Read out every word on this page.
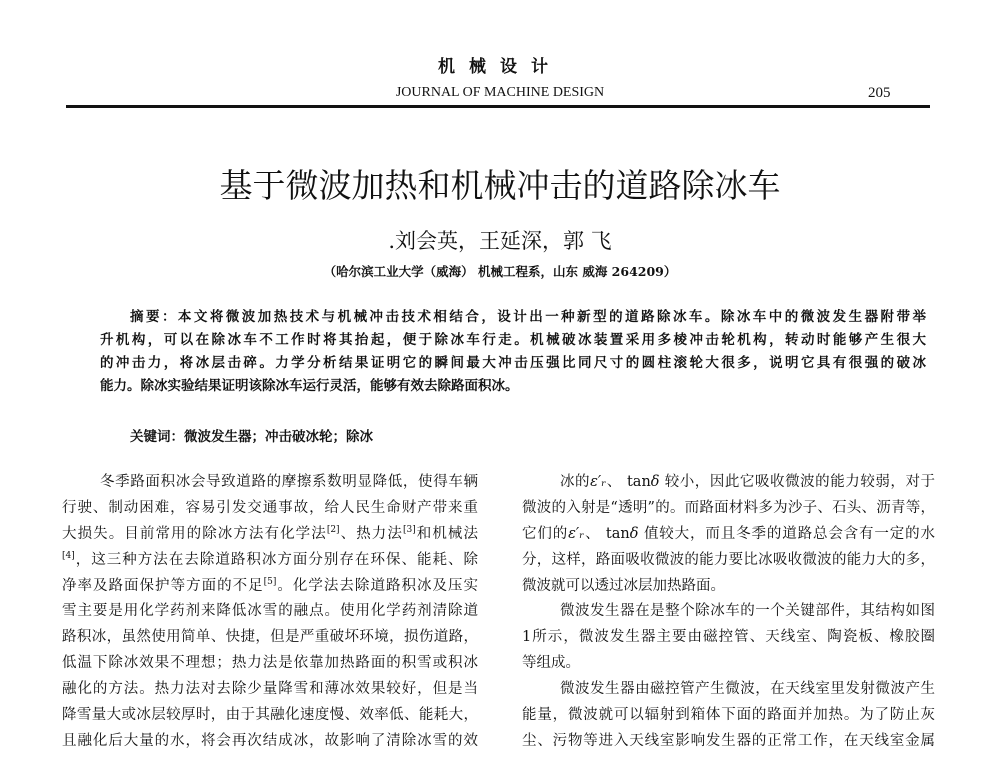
机械设计
JOURNAL OF MACHINE DESIGN	205
基于微波加热和机械冲击的道路除冰车
.刘会英，王延深，郭 飞
（哈尔滨工业大学（威海） 机械工程系，山东 威海 264209）
摘要：本文将微波加热技术与机械冲击技术相结合，设计出一种新型的道路除冰车。除冰车中的微波发生器附带举
升机构，可以在除冰车不工作时将其抬起，便于除冰车行走。机械破冰装置采用多棱冲击轮机构，转动时能够产生很大
的冲击力，将冰层击碎。力学分析结果证明它的瞬间最大冲击压强比同尺寸的圆柱滚轮大很多，说明它具有很强的破冰
能力。除冰实验结果证明该除冰车运行灵活，能够有效去除路面积冰。
关键词：微波发生器；冲击破冰轮；除冰
冬季路面积冰会导致道路的摩擦系数明显降低，使得车辆
行驶、制动困难，容易引发交通事故，给人民生命财产带来重
大损失。目前常用的除冰方法有化学法[2]、热力法[3]和机械法
[4]，这三种方法在去除道路积冰方面分别存在环保、能耗、除
净率及路面保护等方面的不足[5]。化学法去除道路积冰及压实
雪主要是用化学药剂来降低冰雪的融点。使用化学药剂清除道
路积冰，虽然使用简单、快捷，但是严重破坏环境，损伤道路，
低温下除冰效果不理想；热力法是依靠加热路面的积雪或积冰
融化的方法。热力法对去除少量降雪和薄冰效果较好，但是当
降雪量大或冰层较厚时，由于其融化速度慢、效率低、能耗大，
且融化后大量的水，将会再次结成冰，故影响了清除冰雪的效
冰的ε′ᵣ、 tanδ 较小，因此它吸收微波的能力较弱，对于
微波的入射是“透明”的。而路面材料多为沙子、石头、沥青等，
它们的ε′ᵣ、 tanδ 值较大，而且冬季的道路总会含有一定的水
分，这样，路面吸收微波的能力要比冰吸收微波的能力大的多，
微波就可以透过冰层加热路面。
微波发生器在是整个除冰车的一个关键部件，其结构如图
1所示，微波发生器主要由磁控管、天线室、陶瓷板、橡胶圈
等组成。
微波发生器由磁控管产生微波，在天线室里发射微波产生
能量，微波就可以辐射到箱体下面的路面并加热。为了防止灰
尘、污物等进入天线室影响发生器的正常工作，在天线室金属
